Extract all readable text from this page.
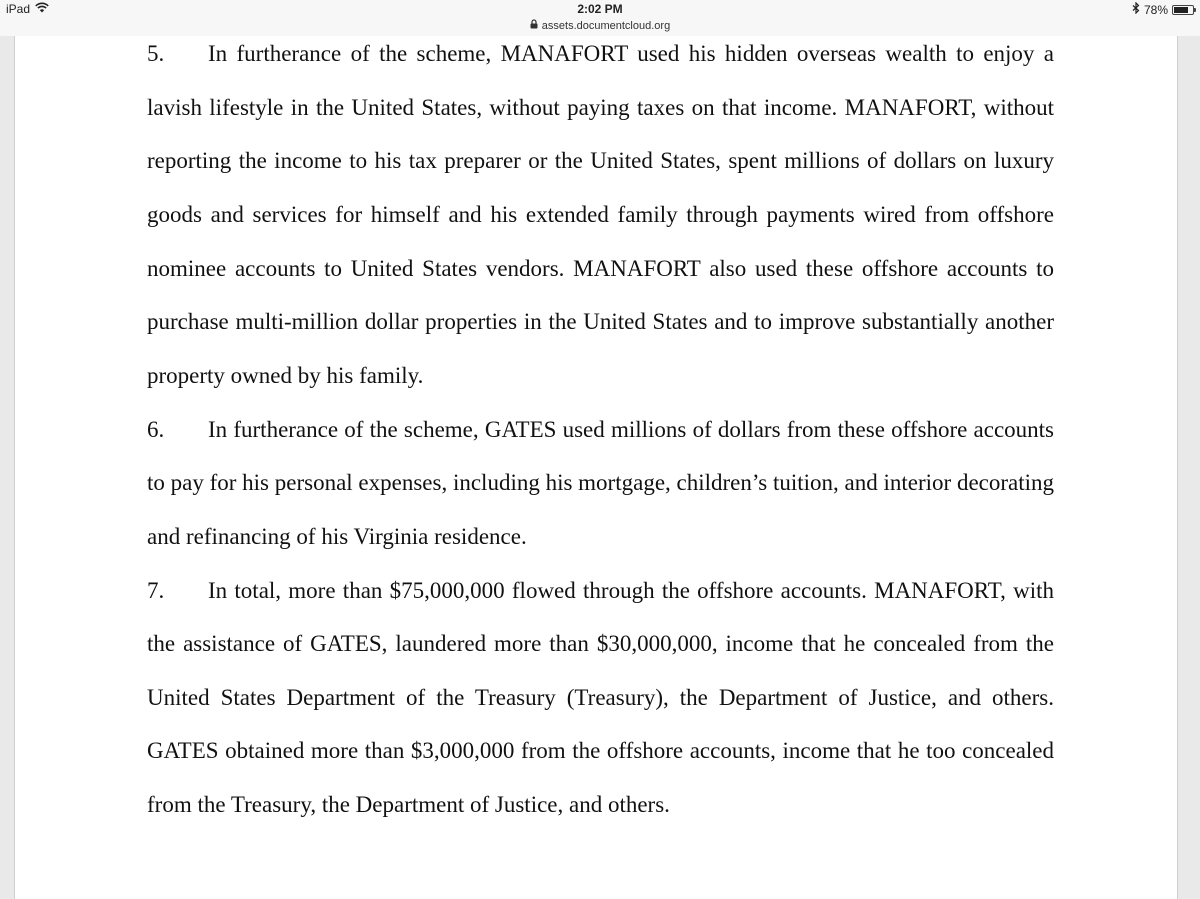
iPad	2:02 PM
assets.documentcloud.org
78%
5. In furtherance of the scheme, MANAFORT used his hidden overseas wealth to enjoy a
lavish lifestyle in the United States, without paying taxes on that income. MANAFORT, without
reporting the income to his tax preparer or the United States, spent millions of dollars on luxury
goods and services for himself and his extended family through payments wired from offshore
nominee accounts to United States vendors. MANAFORT also used these offshore accounts to
purchase multi-million dollar properties in the United States and to improve substantially another
property owned by his family.
6. In furtherance of the scheme, GATES used millions of dollars from these offshore accounts
to pay for his personal expenses, including his mortgage, children’s tuition, and interior decorating
and refinancing of his Virginia residence.
7. In total, more than $75,000,000 flowed through the offshore accounts. MANAFORT, with
the assistance of GATES, laundered more than $30,000,000, income that he concealed from the
United States Department of the Treasury (Treasury), the Department of Justice, and others.
GATES obtained more than $3,000,000 from the offshore accounts, income that he too concealed
from the Treasury, the Department of Justice, and others.
